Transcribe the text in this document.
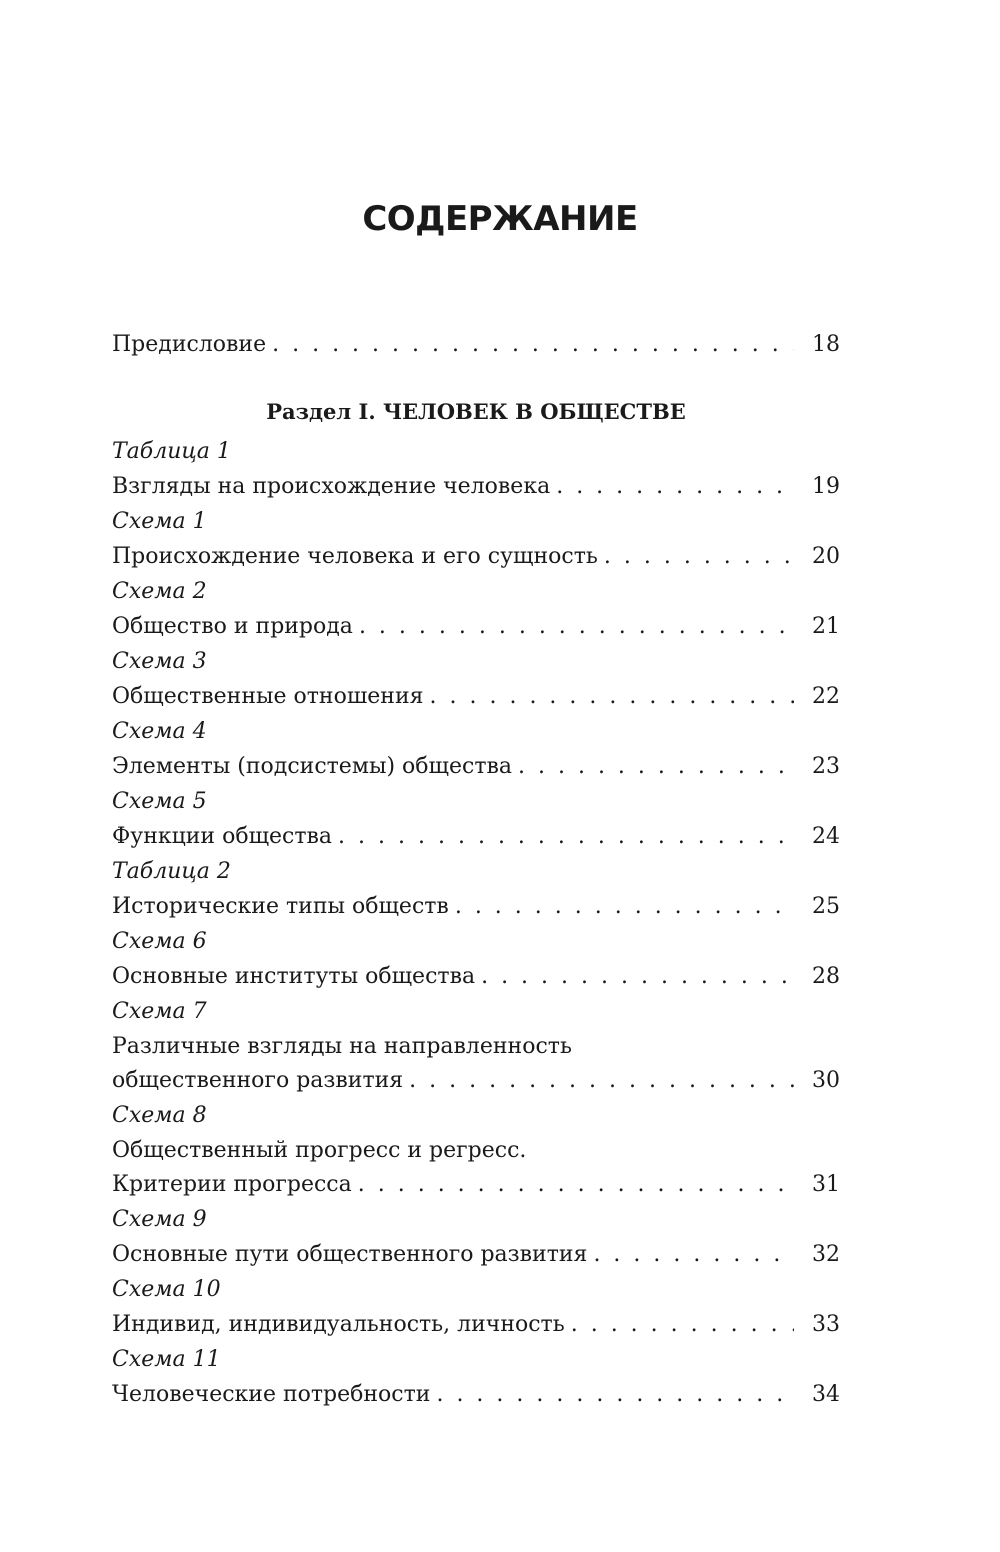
СОДЕРЖАНИЕ
Предисловие . . .	18
Раздел I. ЧЕЛОВЕК В ОБЩЕСТВЕ
Таблица 1
Взгляды на происхождение человека . . .	19
Схема 1
Происхождение человека и его сущность . . .	20
Схема 2
Общество и природа . . .	21
Схема 3
Общественные отношения . . .	22
Схема 4
Элементы (подсистемы) общества . . .	23
Схема 5
Функции общества . . .	24
Таблица 2
Исторические типы обществ . . .	25
Схема 6
Основные институты общества . . .	28
Схема 7
Различные взгляды на направленность
общественного развития . . .	30
Схема 8
Общественный прогресс и регресс.
Критерии прогресса . . .	31
Схема 9
Основные пути общественного развития . . .	32
Схема 10
Индивид, индивидуальность, личность . . .	33
Схема 11
Человеческие потребности . . .	34
